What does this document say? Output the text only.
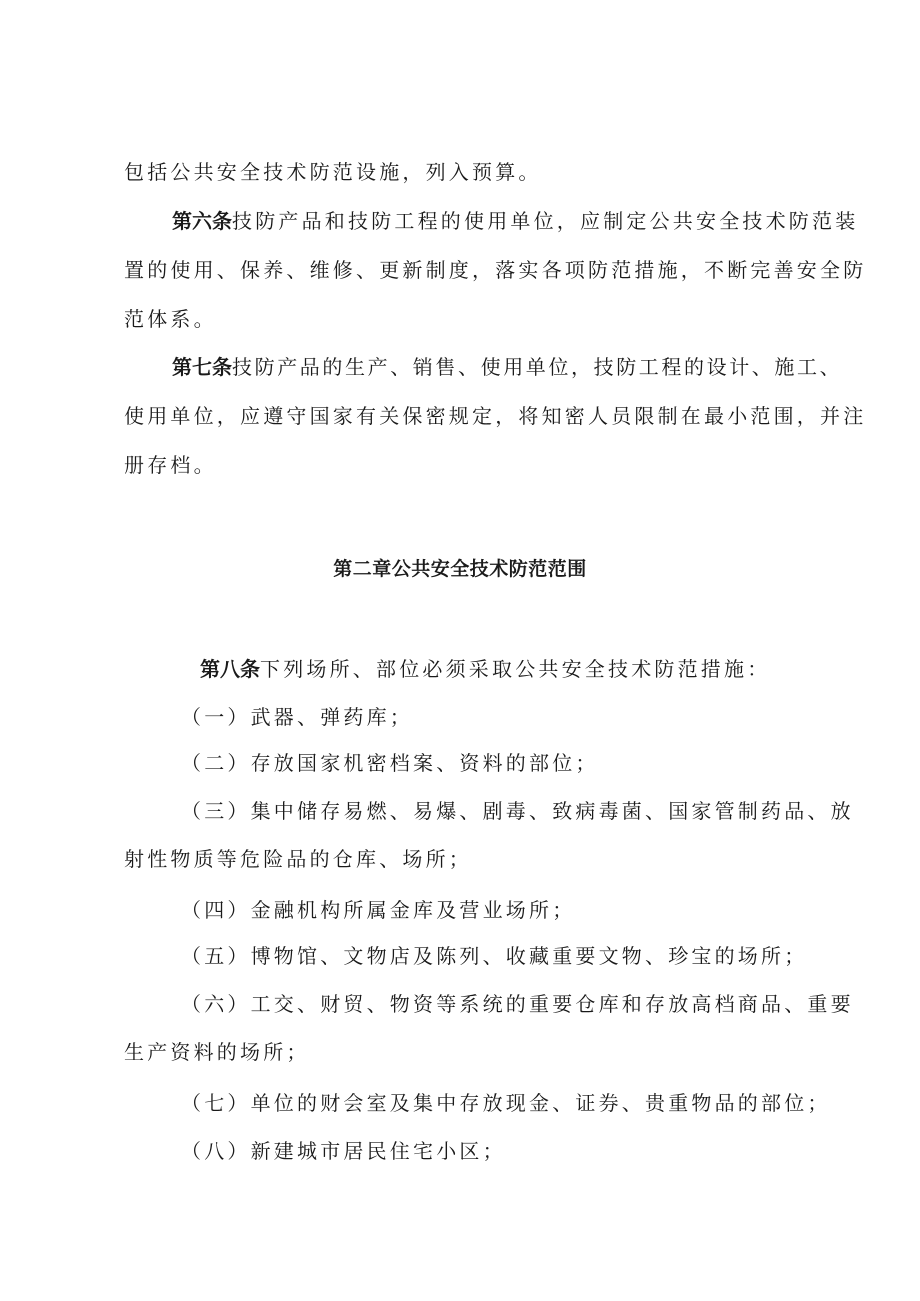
包括公共安全技术防范设施，列入预算。
第六条技防产品和技防工程的使用单位，应制定公共安全技术防范装
置的使用、保养、维修、更新制度，落实各项防范措施，不断完善安全防
范体系。
第七条技防产品的生产、销售、使用单位，技防工程的设计、施工、
使用单位，应遵守国家有关保密规定，将知密人员限制在最小范围，并注
册存档。
第二章公共安全技术防范范围
第八条下列场所、部位必须采取公共安全技术防范措施：
（一）武器、弹药库；
（二）存放国家机密档案、资料的部位；
（三）集中储存易燃、易爆、剧毒、致病毒菌、国家管制药品、放
射性物质等危险品的仓库、场所；
（四）金融机构所属金库及营业场所；
（五）博物馆、文物店及陈列、收藏重要文物、珍宝的场所；
（六）工交、财贸、物资等系统的重要仓库和存放高档商品、重要
生产资料的场所；
（七）单位的财会室及集中存放现金、证券、贵重物品的部位；
（八）新建城市居民住宅小区；
